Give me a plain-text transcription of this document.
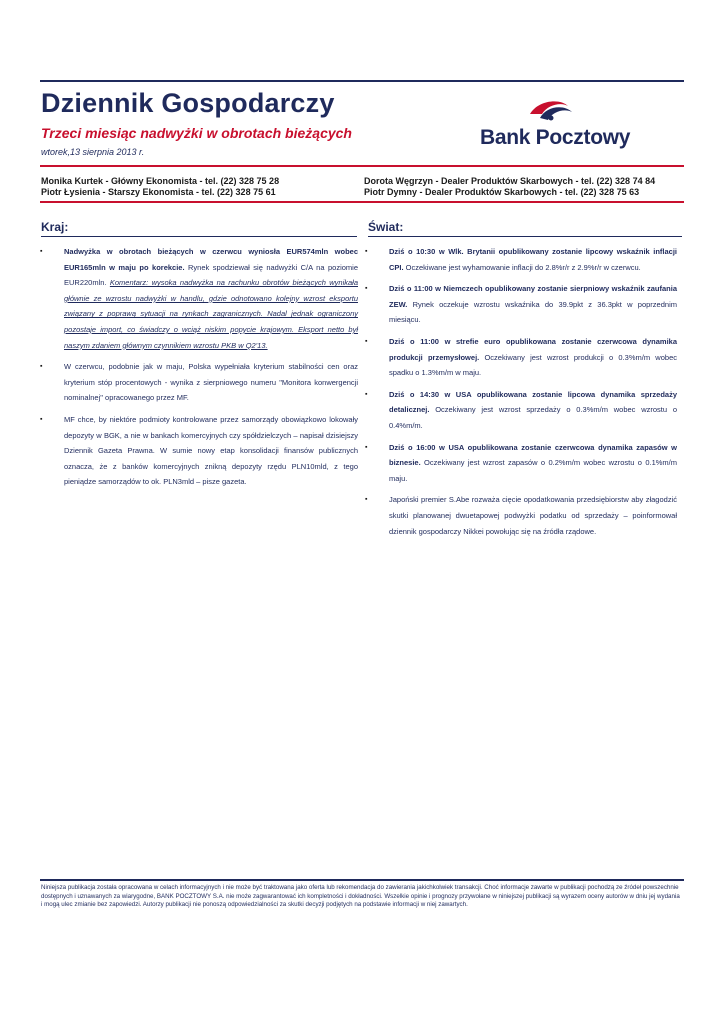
Dziennik Gospodarczy
Trzeci miesiąc nadwyżki w obrotach bieżących
wtorek,13 sierpnia 2013 r.
Bank Pocztowy
Monika Kurtek - Główny Ekonomista - tel. (22) 328 75 28
Piotr Łysienia - Starszy Ekonomista - tel. (22) 328 75 61
Dorota Węgrzyn - Dealer Produktów Skarbowych - tel. (22) 328 74 84
Piotr Dymny - Dealer Produktów Skarbowych - tel. (22) 328 75 63
Kraj:	Świat:
▪	Nadwyżka w obrotach bieżących w czerwcu wyniosła EUR574mln wobec EUR165mln w maju po korekcie. Rynek spodziewał się nadwyżki C/A na poziomie EUR220mln. Komentarz: wysoka nadwyżka na rachunku obrotów bieżących wynikała głównie ze wzrostu nadwyżki w handlu, gdzie odnotowano kolejny wzrost eksportu związany z poprawą sytuacji na rynkach zagranicznych. Nadal jednak ograniczony pozostaje import, co świadczy o wciąż niskim popycie krajowym. Eksport netto był naszym zdaniem głównym czynnikiem wzrostu PKB w Q2'13.
▪	W czerwcu, podobnie jak w maju, Polska wypełniała kryterium stabilności cen oraz kryterium stóp procentowych - wynika z sierpniowego numeru "Monitora konwergencji nominalnej" opracowanego przez MF.
▪	MF chce, by niektóre podmioty kontrolowane przez samorządy obowiązkowo lokowały depozyty w BGK, a nie w bankach komercyjnych czy spółdzielczych – napisał dzisiejszy Dziennik Gazeta Prawna. W sumie nowy etap konsolidacji finansów publicznych oznacza, że z banków komercyjnych znikną depozyty rzędu PLN10mld, z tego pieniądze samorządów to ok. PLN3mld – pisze gazeta.
▪	Dziś o 10:30 w Wlk. Brytanii opublikowany zostanie lipcowy wskaźnik inflacji CPI. Oczekiwane jest wyhamowanie inflacji do 2.8%r/r z 2.9%r/r w czerwcu.
▪	Dziś o 11:00 w Niemczech opublikowany zostanie sierpniowy wskaźnik zaufania ZEW. Rynek oczekuje wzrostu wskaźnika do 39.9pkt z 36.3pkt w poprzednim miesiącu.
▪	Dziś o 11:00 w strefie euro opublikowana zostanie czerwcowa dynamika produkcji przemysłowej. Oczekiwany jest wzrost produkcji o 0.3%m/m wobec spadku o 1.3%m/m w maju.
▪	Dziś o 14:30 w USA opublikowana zostanie lipcowa dynamika sprzedaży detalicznej. Oczekiwany jest wzrost sprzedaży o 0.3%m/m wobec wzrostu o 0.4%m/m.
▪	Dziś o 16:00 w USA opublikowana zostanie czerwcowa dynamika zapasów w biznesie. Oczekiwany jest wzrost zapasów o 0.2%m/m wobec wzrostu o 0.1%m/m maju.
▪	Japoński premier S.Abe rozważa cięcie opodatkowania przedsiębiorstw aby złagodzić skutki planowanej dwuetapowej podwyżki podatku od sprzedaży – poinformował dziennik gospodarczy Nikkei powołując się na źródła rządowe.
Niniejsza publikacja została opracowana w celach informacyjnych i nie może być traktowana jako oferta lub rekomendacja do zawierania jakichkolwiek transakcji. Choć informacje zawarte w publikacji pochodzą ze źródeł powszechnie dostępnych i uznawanych za wiarygodne, BANK POCZTOWY S.A. nie może zagwarantować ich kompletności i dokładności. Wszelkie opinie i prognozy przywołane w niniejszej publikacji są wyrazem oceny autorów w dniu jej wydania i mogą ulec zmianie bez zapowiedzi. Autorzy publikacji nie ponoszą odpowiedzialności za skutki decyzji podjętych na podstawie informacji w niej zawartych.
